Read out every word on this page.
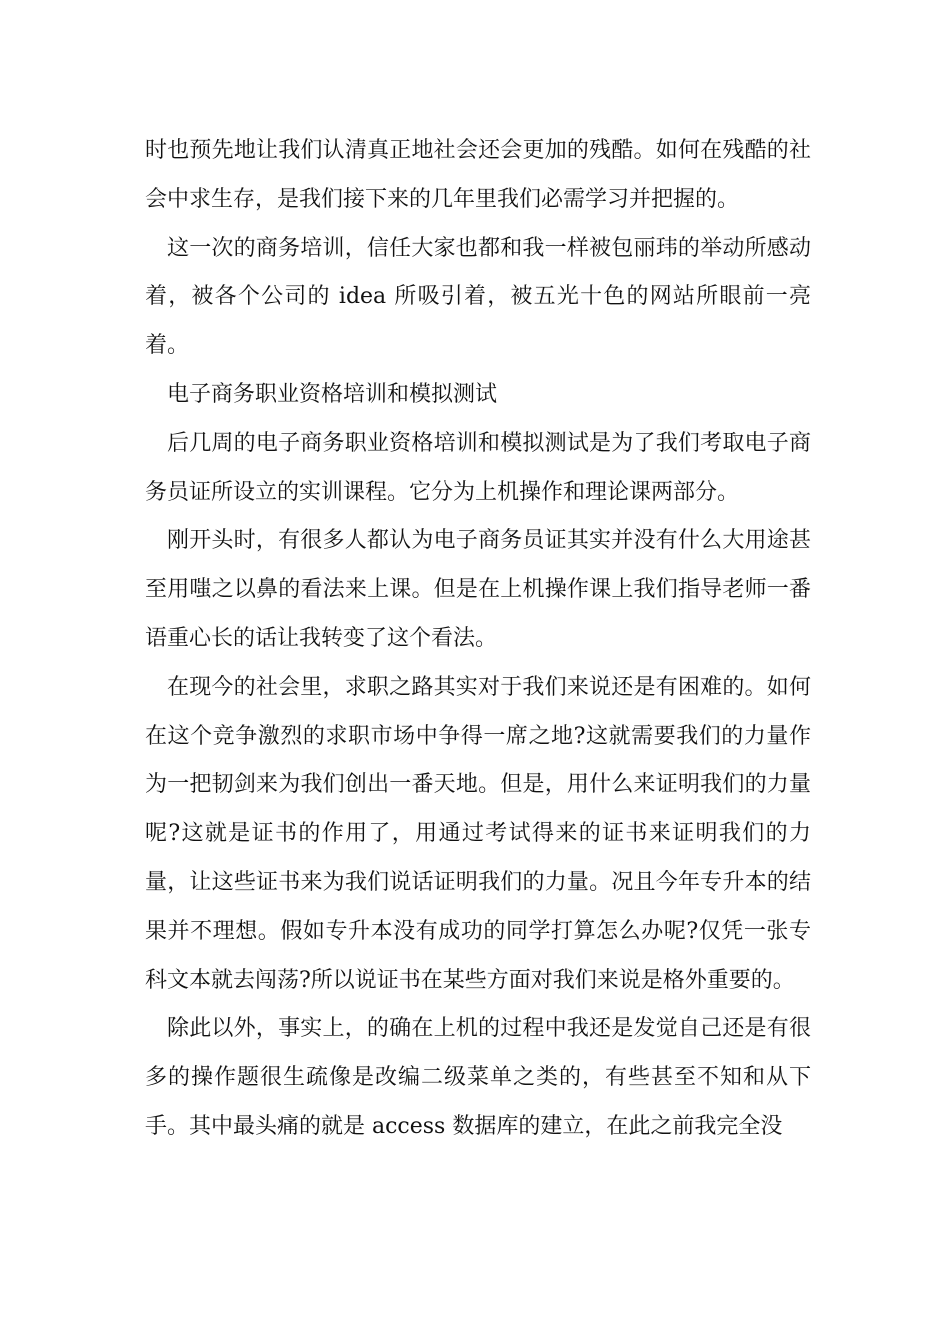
时也预先地让我们认清真正地社会还会更加的残酷。如何在残酷的社会中求生存，是我们接下来的几年里我们必需学习并把握的。

这一次的商务培训，信任大家也都和我一样被包丽玮的举动所感动着，被各个公司的 idea 所吸引着，被五光十色的网站所眼前一亮着。

电子商务职业资格培训和模拟测试

后几周的电子商务职业资格培训和模拟测试是为了我们考取电子商务员证所设立的实训课程。它分为上机操作和理论课两部分。

刚开头时，有很多人都认为电子商务员证其实并没有什么大用途甚至用嗤之以鼻的看法来上课。但是在上机操作课上我们指导老师一番语重心长的话让我转变了这个看法。

在现今的社会里，求职之路其实对于我们来说还是有困难的。如何在这个竞争激烈的求职市场中争得一席之地?这就需要我们的力量作为一把韧剑来为我们创出一番天地。但是，用什么来证明我们的力量呢?这就是证书的作用了，用通过考试得来的证书来证明我们的力量，让这些证书来为我们说话证明我们的力量。况且今年专升本的结果并不理想。假如专升本没有成功的同学打算怎么办呢?仅凭一张专科文本就去闯荡?所以说证书在某些方面对我们来说是格外重要的。

除此以外，事实上，的确在上机的过程中我还是发觉自己还是有很多的操作题很生疏像是改编二级菜单之类的，有些甚至不知和从下手。其中最头痛的就是 access 数据库的建立，在此之前我完全没
